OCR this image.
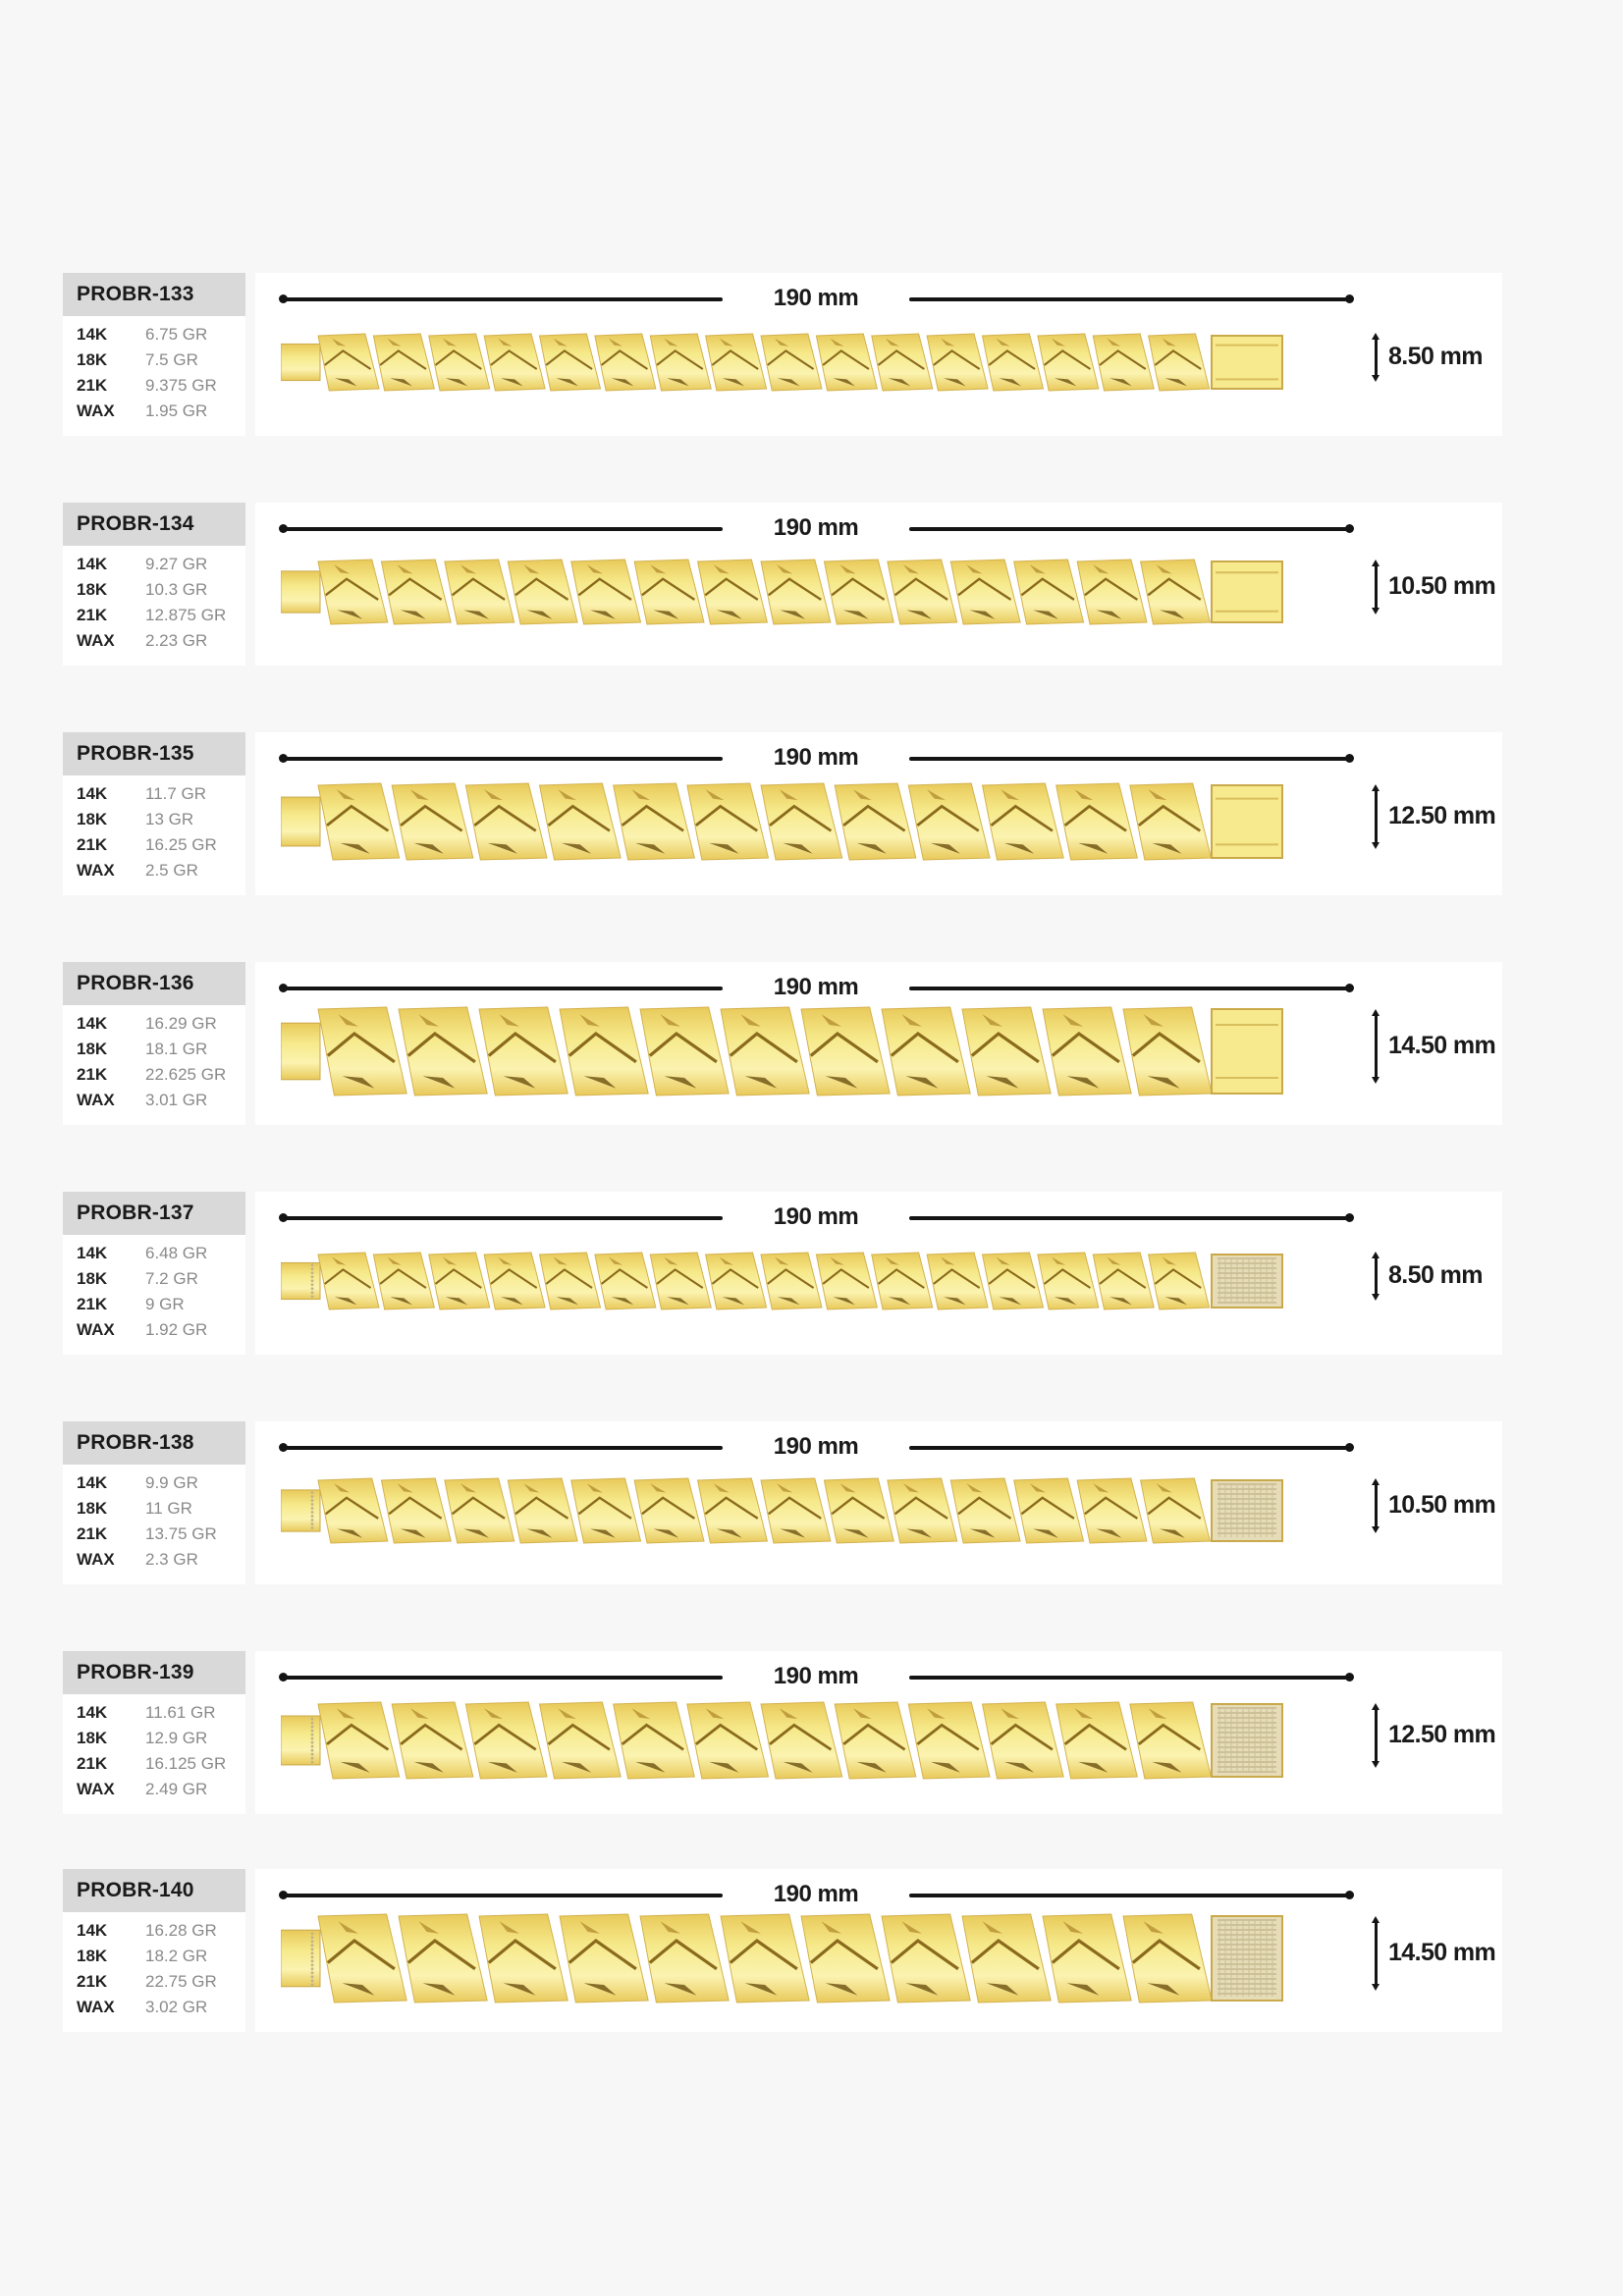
PROBR-133
14K	6.75 GR
18K	7.5 GR
21K	9.375 GR
WAX	1.95 GR
190 mm
8.50 mm
PROBR-134
14K	9.27 GR
18K	10.3 GR
21K	12.875 GR
WAX	2.23 GR
190 mm
10.50 mm
PROBR-135
14K	11.7 GR
18K	13 GR
21K	16.25 GR
WAX	2.5 GR
190 mm
12.50 mm
PROBR-136
14K	16.29 GR
18K	18.1 GR
21K	22.625 GR
WAX	3.01 GR
190 mm
14.50 mm
PROBR-137
14K	6.48 GR
18K	7.2 GR
21K	9 GR
WAX	1.92 GR
190 mm
8.50 mm
PROBR-138
14K	9.9 GR
18K	11 GR
21K	13.75 GR
WAX	2.3 GR
190 mm
10.50 mm
PROBR-139
14K	11.61 GR
18K	12.9 GR
21K	16.125 GR
WAX	2.49 GR
190 mm
12.50 mm
PROBR-140
14K	16.28 GR
18K	18.2 GR
21K	22.75 GR
WAX	3.02 GR
190 mm
14.50 mm
